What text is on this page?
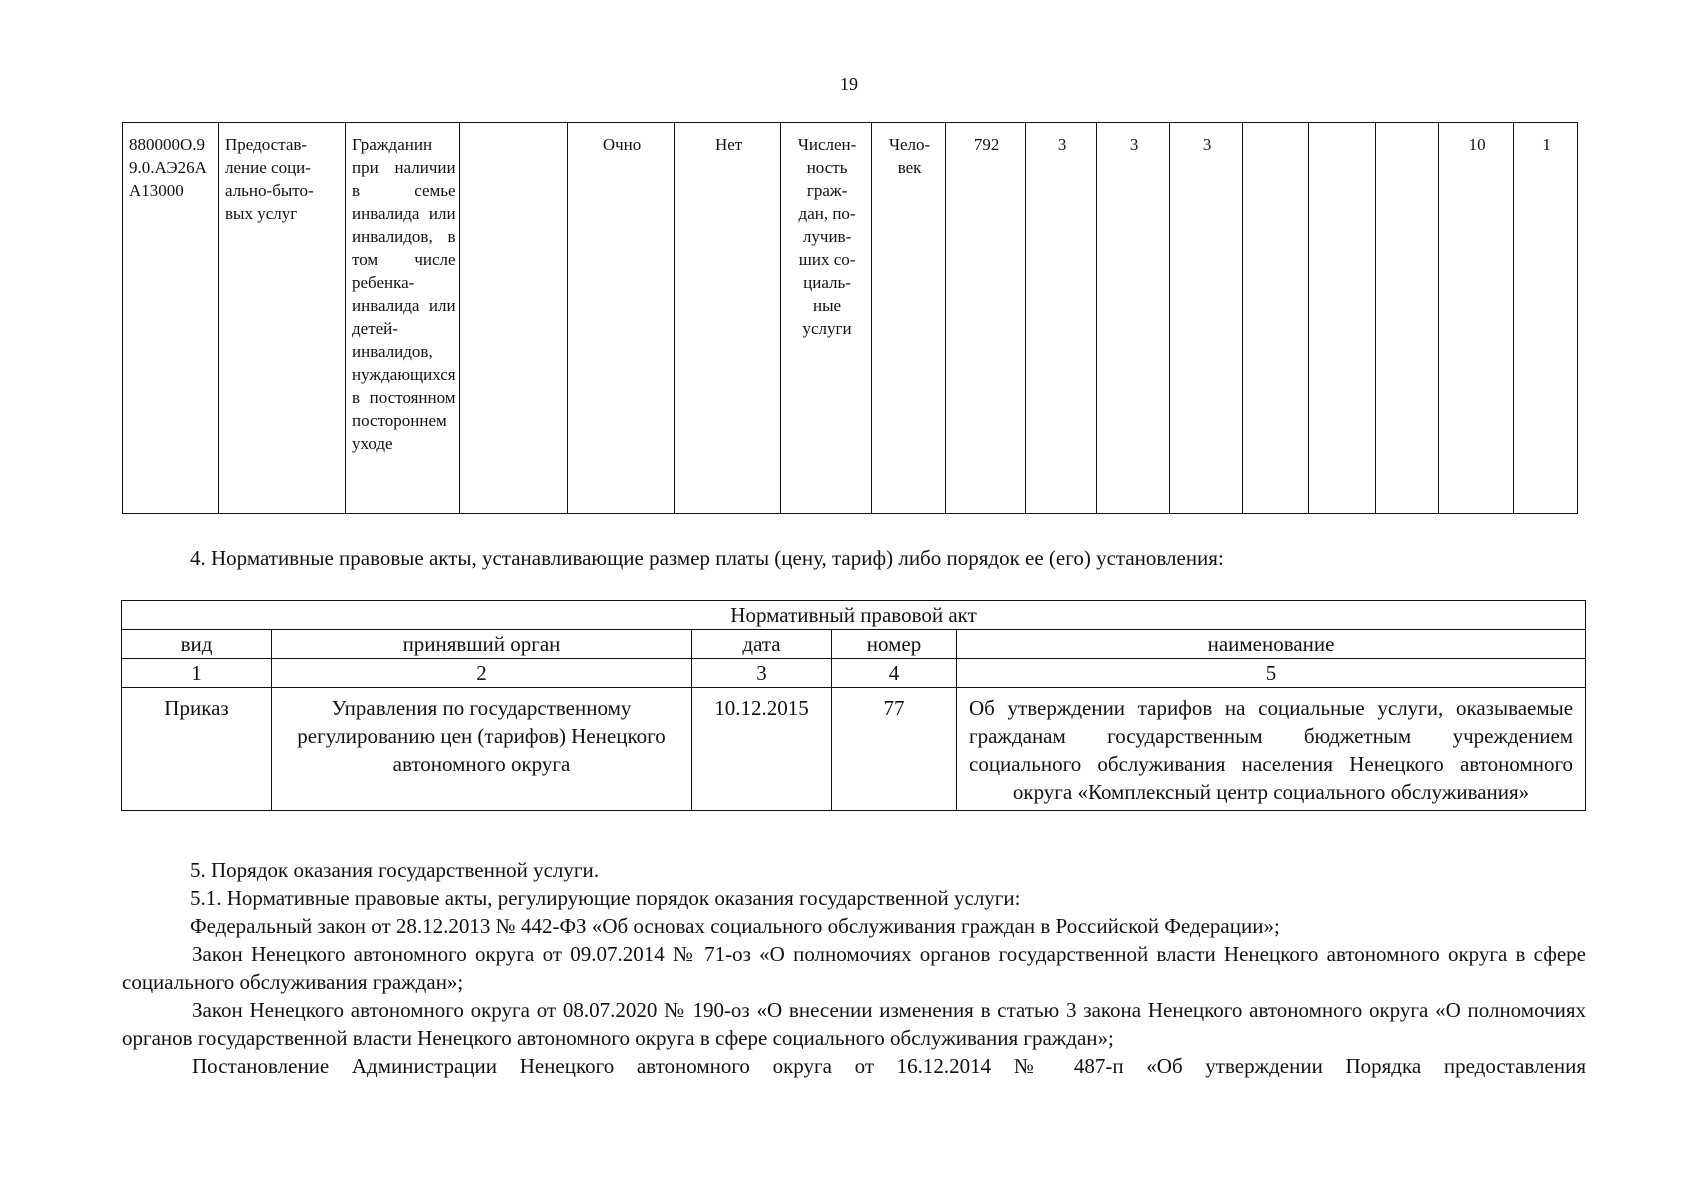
19
880000О.99.0.АЭ26АА13000	Предостав-
ление соци-
ально-быто-
вых услуг	Гражданин при наличии в семье инвалида или инвалидов, в том числе ребенка-инвалида или детей-инвалидов, нуждающихся в постоянном постороннем уходе		Очно	Нет	Числен-
ность
граж-
дан, по-
лучив-
ших со-
циаль-
ные
услуги	Чело-
век	792	3	3	3				10	1
4. Нормативные правовые акты, устанавливающие размер платы (цену, тариф) либо порядок ее (его) установления:
Нормативный правовой акт				
вид	принявший орган	дата	номер	наименование
1	2	3	4	5
Приказ	Управления по государственному регулированию цен (тарифов) Ненецкого автономного округа	10.12.2015	77	Об утверждении тарифов на социальные услуги, оказываемые гражданам государственным бюджетным учреждением социального обслуживания населения Ненецкого автономного округа «Комплексный центр социального обслуживания»
5. Порядок оказания государственной услуги.
5.1. Нормативные правовые акты, регулирующие порядок оказания государственной услуги:
Федеральный закон от 28.12.2013 № 442-ФЗ «Об основах социального обслуживания граждан в Российской Федерации»;
Закон Ненецкого автономного округа от 09.07.2014 № 71-оз «О полномочиях органов государственной власти Ненецкого автономного округа в сфере социального обслуживания граждан»;
Закон Ненецкого автономного округа от 08.07.2020 № 190-оз «О внесении изменения в статью 3 закона Ненецкого автономного округа «О полномочиях органов государственной власти Ненецкого автономного округа в сфере социального обслуживания граждан»;
Постановление Администрации Ненецкого автономного округа от 16.12.2014 № 487-п «Об утверждении Порядка предоставления
